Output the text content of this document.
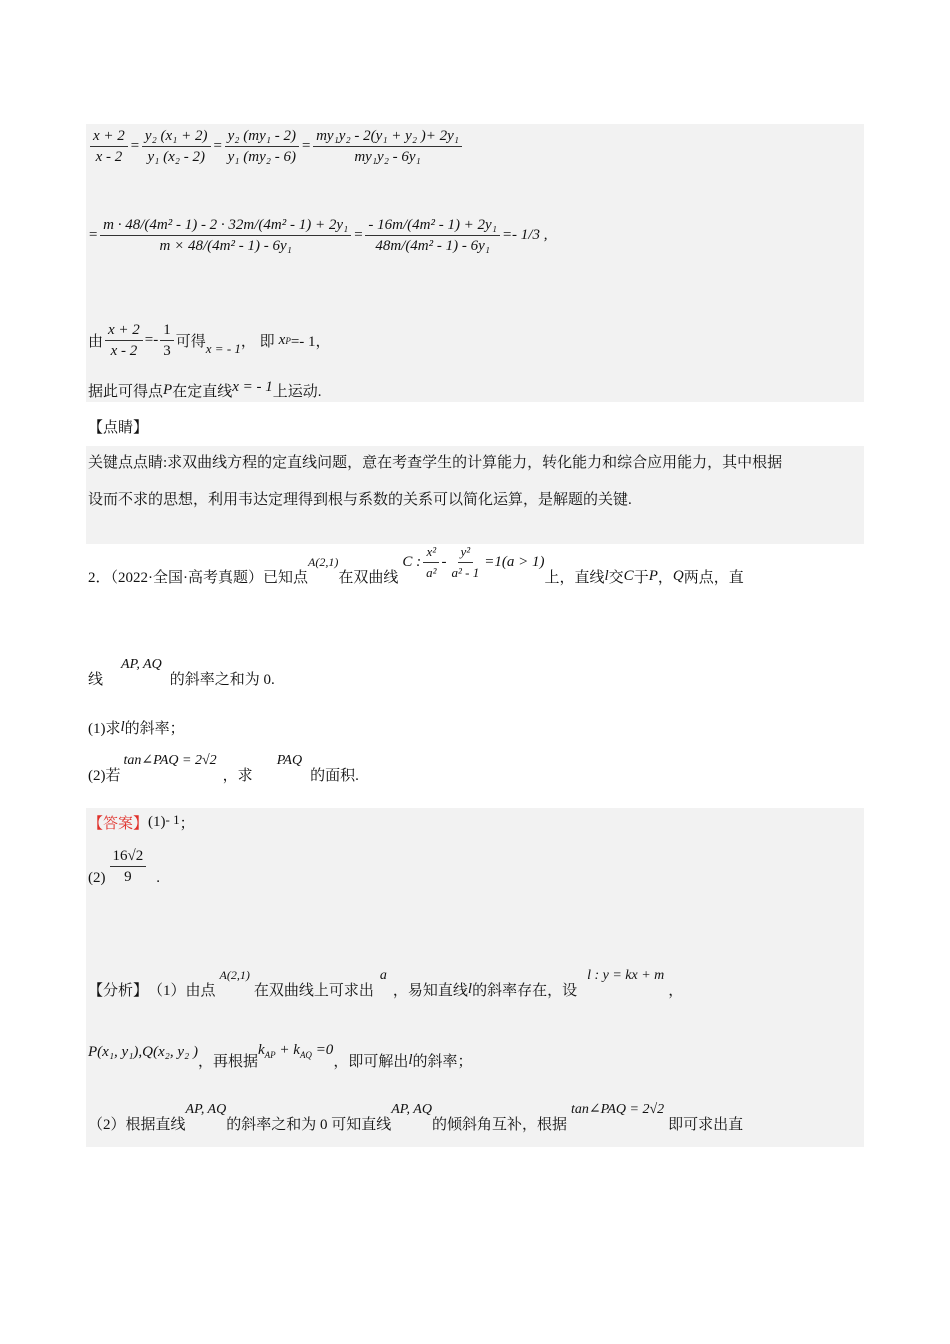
$\frac{x + 2}{x - 2} = \frac{\text{y₂ (x₁ + 2)}}{\text{y₁ (x₂ - 2)}} = \frac{\text{y₂ (my₁ - 2)}}{\text{y₁ (my₂ - 6)}} = \frac{\text{my₁y₂ - 2(y₁ + y₂ )+ 2y₁}}{\text{my₁y₂ - 6y₁}}$
= $\frac{\text{m · 48/(4m² - 1) - 2 · 32m/(4m² - 1) + 2y₁}}{\text{m × 48/(4m² - 1) - 6y₁}} = \frac{\text{- 16m/(4m² - 1) + 2y₁}}{\text{48m/(4m² - 1) - 6y₁}} =- 1/3$ ,
由 $\frac{x + 2}{x - 2} =- \frac{1}{3}$ 可得 x = - 1 ， 即 x P =- 1，
据此可得点 P 在定直线 x = - 1 上运动.
【点睛】
关键点点睛:求双曲线方程的定直线问题，意在考查学生的计算能力，转化能力和综合应用能力，其中根据
设而不求的思想，利用韦达定理得到根与系数的关系可以简化运算，是解题的关键.
2．（2022·全国·高考真题）已知点
A(2,1)
在双曲线
C : $\frac{\text{x²}}{\text{a²}} - \frac{\text{y²}}{\text{a² - 1}} =1(a > 1)$
上，直线 l 交 C 于 P ， Q 两点，直
线
AP, AQ
的斜率之和为 0.
(1)求 l 的斜率；
(2)若
tan∠PAQ = 2√2
，求
PAQ
的面积.
【答案】 (1) - 1 ；
$(2) \frac{16√2}{9}$ .
【分析】 （1）由点
A(2,1)
在双曲线上可求出
a
，易知直线 l 的斜率存在，设
l : y = kx + m
，
P(x₁, y₁),Q(x₂, y₂ )
，再根据
$k_{AP} + k_{AQ} =0$
，即可解出 l 的斜率；
（2）根据直线
AP, AQ
的斜率之和为 0 可知直线
AP, AQ
的倾斜角互补，根据
tan∠PAQ = 2√2
即可求出直
